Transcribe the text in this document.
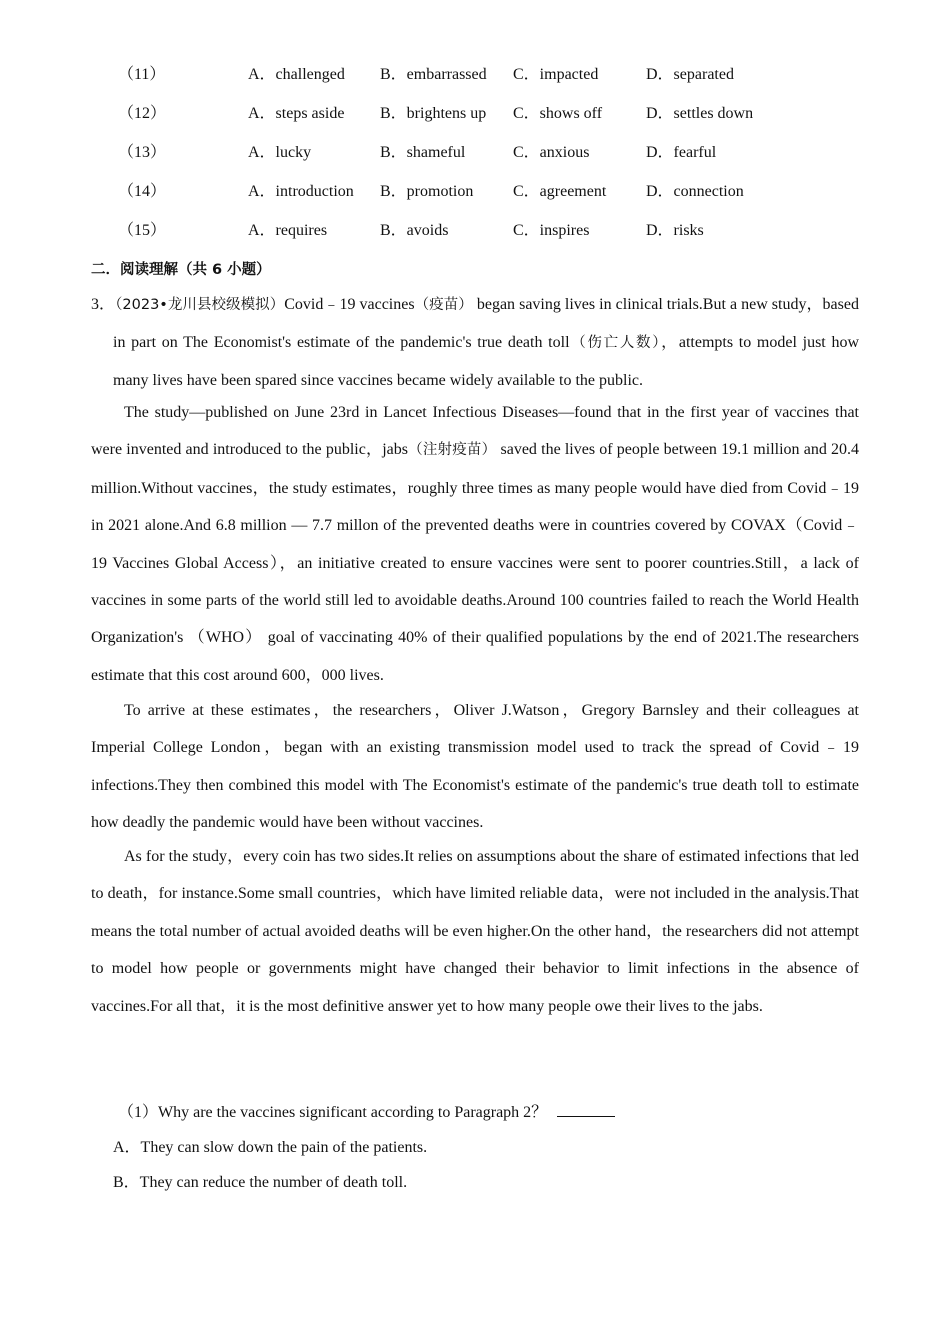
（11）	A．challenged B．embarrassed C．impacted	D．separated
（12）	A．steps aside B．brightens up C．shows off	D．settles down
（13）	A．lucky	B．shameful	C．anxious	D．fearful
（14）	A．introduction B．promotion C．agreement D．connection
（15）	A．requires	B．avoids	C．inspires	D．risks
二．阅读理解（共 6 小题）
3．（2023•龙川县校级模拟）Covid﹣19 vaccines（疫苗） began saving lives in clinical trials.But a new study，based in part on The Economist's estimate of the pandemic's true death toll（伤亡人数），attempts to model just how many lives have been spared since vaccines became widely available to the public.
The study—published on June 23rd in Lancet Infectious Diseases—found that in the first year of vaccines that were invented and introduced to the public，jabs（注射疫苗） saved the lives of people between 19.1 million and 20.4 million.Without vaccines，the study estimates，roughly three times as many people would have died from Covid﹣19 in 2021 alone.And 6.8 million — 7.7 millon of the prevented deaths were in countries covered by COVAX（Covid﹣19 Vaccines Global Access），an initiative created to ensure vaccines were sent to poorer countries.Still，a lack of vaccines in some parts of the world still led to avoidable deaths.Around 100 countries failed to reach the World Health Organization's （WHO） goal of vaccinating 40% of their qualified populations by the end of 2021.The researchers estimate that this cost around 600，000 lives.
To arrive at these estimates，the researchers，Oliver J.Watson，Gregory Barnsley and their colleagues at Imperial College London，began with an existing transmission model used to track the spread of Covid﹣19 infections.They then combined this model with The Economist's estimate of the pandemic's true death toll to estimate how deadly the pandemic would have been without vaccines.
As for the study，every coin has two sides.It relies on assumptions about the share of estimated infections that led to death，for instance.Some small countries，which have limited reliable data，were not included in the analysis.That means the total number of actual avoided deaths will be even higher.On the other hand，the researchers did not attempt to model how people or governments might have changed their behavior to limit infections in the absence of vaccines.For all that，it is the most definitive answer yet to how many people owe their lives to the jabs.
（1）Why are the vaccines significant according to Paragraph 2？
A．They can slow down the pain of the patients.
B．They can reduce the number of death toll.
